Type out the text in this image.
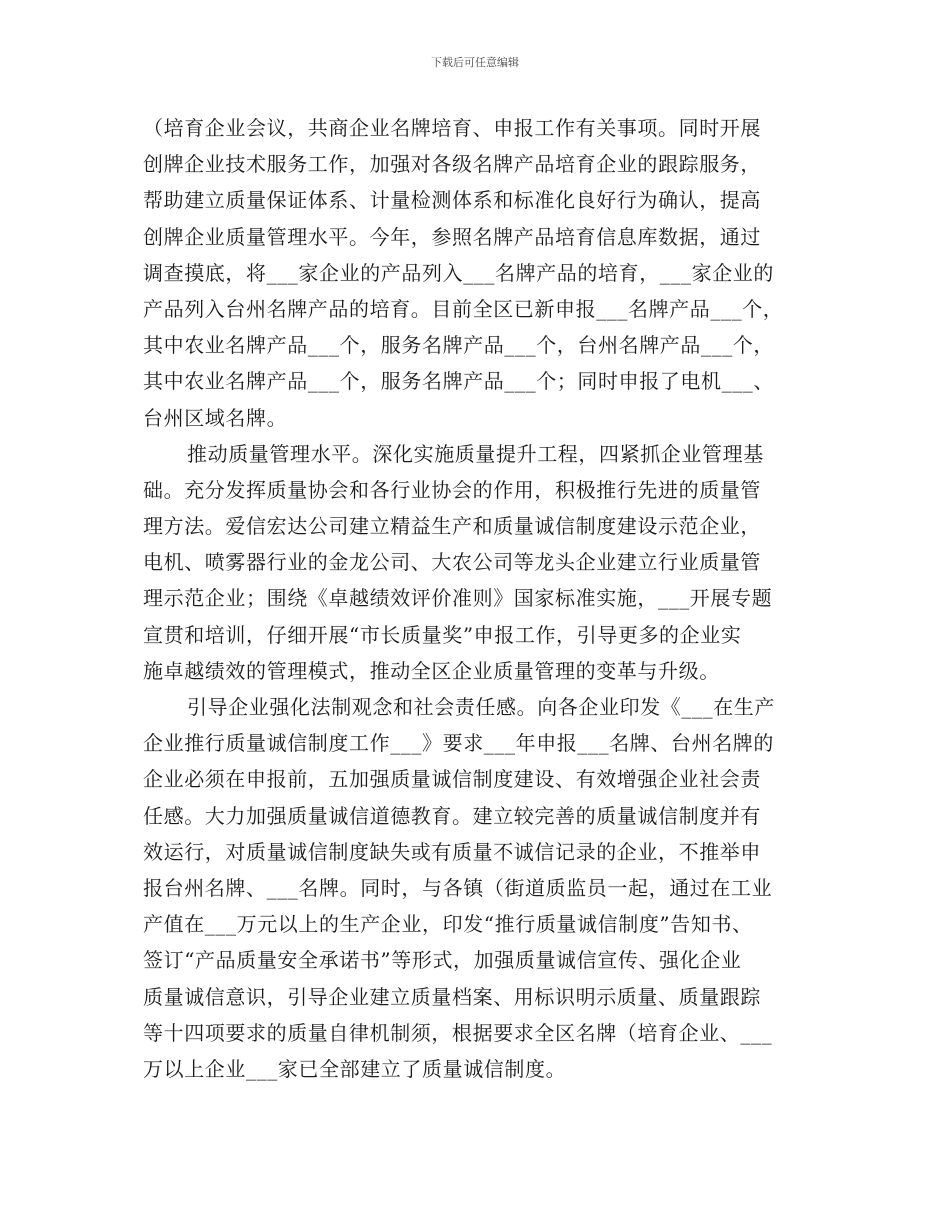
下载后可任意编辑
（培育企业会议，共商企业名牌培育、申报工作有关事项。同时开展
创牌企业技术服务工作，加强对各级名牌产品培育企业的跟踪服务，
帮助建立质量保证体系、计量检测体系和标准化良好行为确认，提高
创牌企业质量管理水平。今年，参照名牌产品培育信息库数据，通过
调查摸底，将___家企业的产品列入___名牌产品的培育，___家企业的
产品列入台州名牌产品的培育。目前全区已新申报___名牌产品___个，
其中农业名牌产品___个，服务名牌产品___个，台州名牌产品___个，
其中农业名牌产品___个，服务名牌产品___个；同时申报了电机___、
台州区域名牌。
推动质量管理水平。深化实施质量提升工程，四紧抓企业管理基
础。充分发挥质量协会和各行业协会的作用，积极推行先进的质量管
理方法。爱信宏达公司建立精益生产和质量诚信制度建设示范企业，
电机、喷雾器行业的金龙公司、大农公司等龙头企业建立行业质量管
理示范企业；围绕《卓越绩效评价准则》国家标准实施，___开展专题
宣贯和培训，仔细开展“市长质量奖”申报工作，引导更多的企业实
施卓越绩效的管理模式，推动全区企业质量管理的变革与升级。
引导企业强化法制观念和社会责任感。向各企业印发《___在生产
企业推行质量诚信制度工作___》要求___年申报___名牌、台州名牌的
企业必须在申报前，五加强质量诚信制度建设、有效增强企业社会责
任感。大力加强质量诚信道德教育。建立较完善的质量诚信制度并有
效运行，对质量诚信制度缺失或有质量不诚信记录的企业，不推举申
报台州名牌、___名牌。同时，与各镇（街道质监员一起，通过在工业
产值在___万元以上的生产企业，印发“推行质量诚信制度”告知书、
签订“产品质量安全承诺书”等形式，加强质量诚信宣传、强化企业
质量诚信意识，引导企业建立质量档案、用标识明示质量、质量跟踪
等十四项要求的质量自律机制须，根据要求全区名牌（培育企业、___
万以上企业___家已全部建立了质量诚信制度。
